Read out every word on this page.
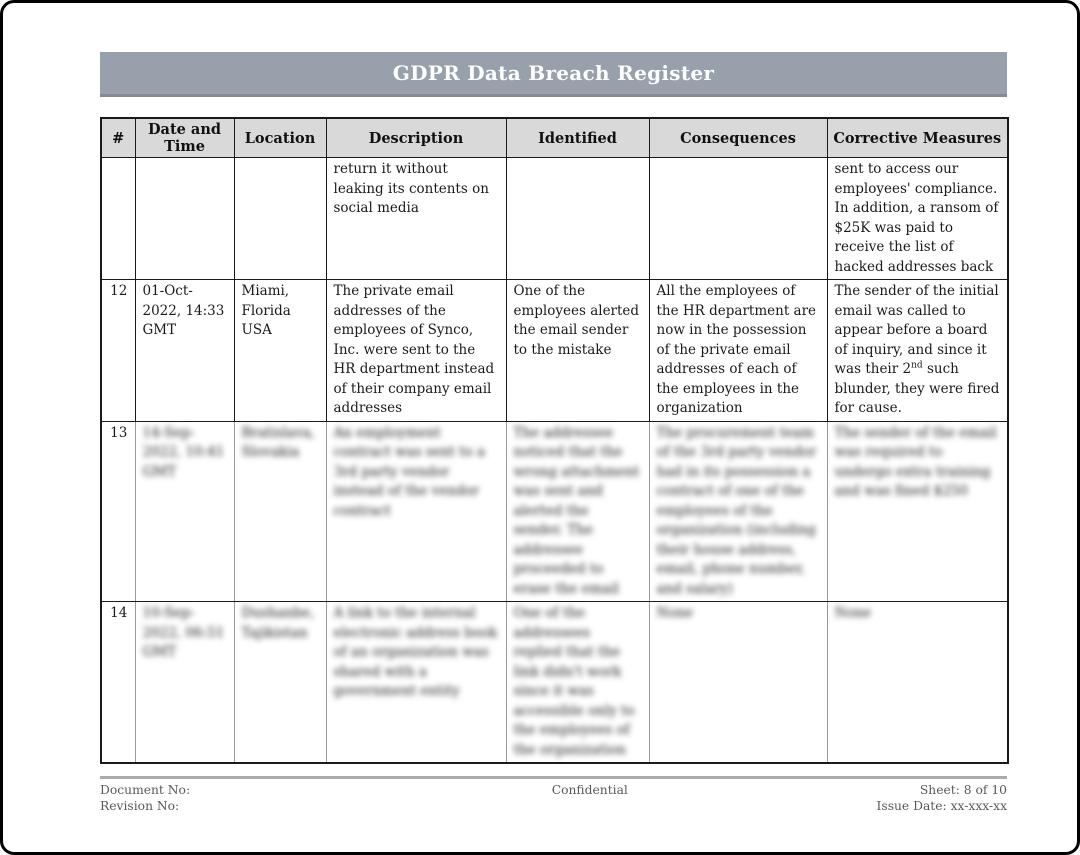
GDPR Data Breach Register
#	Date and Time	Location	Description	Identified	Consequences	Corrective Measures

			return it without leaking its contents on social media			sent to access our employees' compliance. In addition, a ransom of $25K was paid to receive the list of hacked addresses back

12	01-Oct-2022, 14:33 GMT	Miami, Florida USA	The private email addresses of the employees of Synco, Inc. were sent to the HR department instead of their company email addresses	One of the employees alerted the email sender to the mistake	All the employees of the HR department are now in the possession of the private email addresses of each of the employees in the organization	The sender of the initial email was called to appear before a board of inquiry, and since it was their 2nd such blunder, they were fired for cause.

13	14-Sep-2022, 10:41 GMT	Bratislava, Slovakia	An employment contract was sent to a 3rd party vendor instead of the vendor contract	The addressee noticed that the wrong attachment was sent and alerted the sender. The addressee proceeded to erase the email	The procurement team of the 3rd party vendor had in its possession a contract of one of the employees of the organization (including their house address, email, phone number, and salary)	The sender of the email was required to undergo extra training and was fined $250

14	10-Sep-2022, 06:51 GMT	Dushanbe, Tajikistan	A link to the internal electronic address book of an organization was shared with a government entity	One of the addressees replied that the link didn't work since it was accessible only to the employees of the organization	None	None
Document No:
Revision No:
Confidential	Sheet: 8 of 10
Issue Date: xx-xxx-xx
